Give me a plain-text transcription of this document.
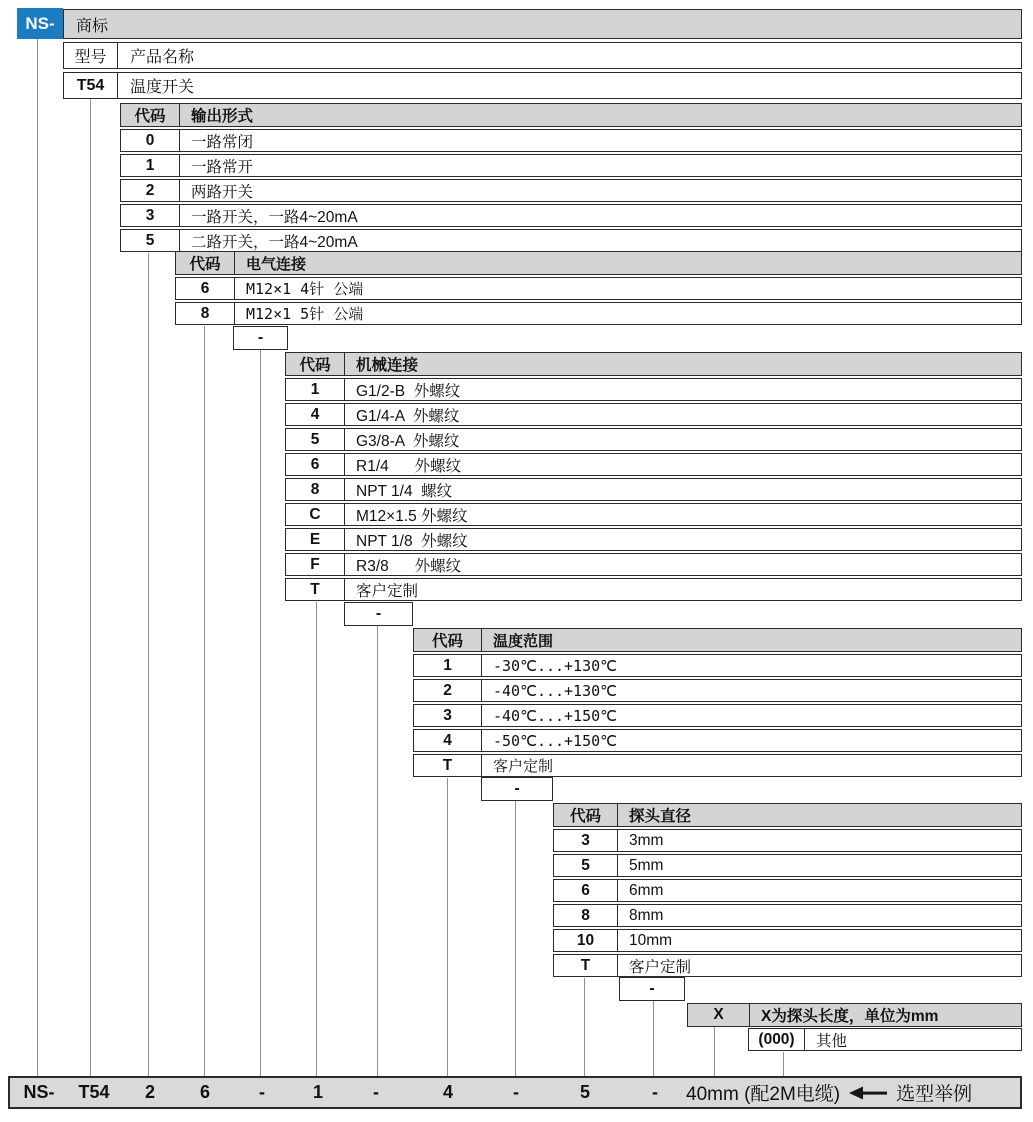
NS-	商标
型号	产品名称
T54	温度开关
代码	输出形式
0	一路常闭
1	一路常开
2	两路开关
3	一路开关，一路4~20mA
5	二路开关，一路4~20mA
代码	电气连接
6	M12×1 4针 公端
8	M12×1 5针 公端
代码	机械连接
1	G1/2-B  外螺纹
4	G1/4-A  外螺纹
5	G3/8-A  外螺纹
6	R1/4      外螺纹
8	NPT 1/4  螺纹
C	M12×1.5 外螺纹
E	NPT 1/8  外螺纹
F	R3/8      外螺纹
T	客户定制
代码	温度范围
1	-30℃...+130℃
2	-40℃...+130℃
3	-40℃...+150℃
4	-50℃...+150℃
T	客户定制
代码	探头直径
3	3mm
5	5mm
6	6mm
8	8mm
10	10mm
T	客户定制
X	X为探头长度，单位为mm
(000)	其他
-
-
-
-
NS- T54 2 6	-	1	-	4	-	5	- 40mm (配2M电缆)	选型举例
